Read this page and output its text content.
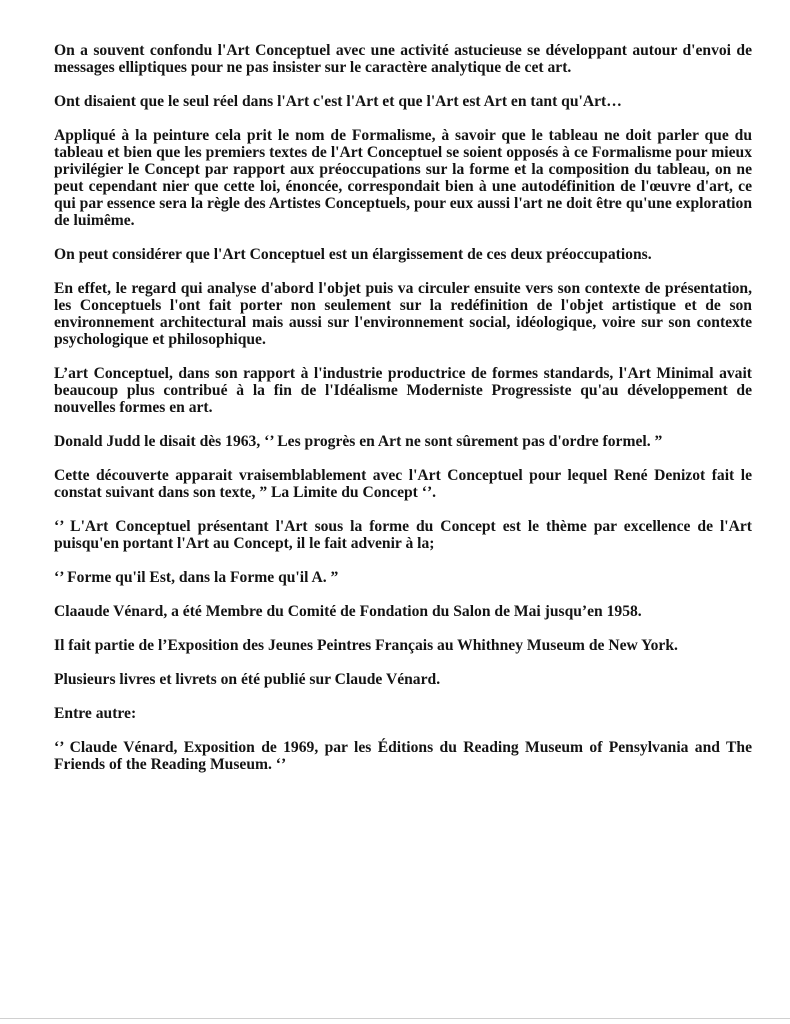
On a souvent confondu l'Art Conceptuel avec une activité astucieuse se développant autour d'envoi de messages elliptiques pour ne pas insister sur le caractère analytique de cet art.

Ont disaient que le seul réel dans l'Art c'est l'Art et que l'Art est Art en tant qu'Art…

Appliqué à la peinture cela prit le nom de Formalisme, à savoir que le tableau ne doit parler que du tableau et bien que les premiers textes de l'Art Conceptuel se soient opposés à ce Formalisme pour mieux privilégier le Concept par rapport aux préoccupations sur la forme et la composition du tableau, on ne peut cependant nier que cette loi, énoncée, correspondait bien à une autodéfinition de l'œuvre d'art, ce qui par essence sera la règle des Artistes Conceptuels, pour eux aussi l'art ne doit être qu'une exploration de luimême.

On peut considérer que l'Art Conceptuel est un élargissement de ces deux préoccupations.

En effet, le regard qui analyse d'abord l'objet puis va circuler ensuite vers son contexte de présentation, les Conceptuels l'ont fait porter non seulement sur la redéfinition de l'objet artistique et de son environnement architectural mais aussi sur l'environnement social, idéologique, voire sur son contexte psychologique et philosophique.

L’art Conceptuel, dans son rapport à l'industrie productrice de formes standards, l'Art Minimal avait beaucoup plus contribué à la fin de l'Idéalisme Moderniste Progressiste qu'au développement de nouvelles formes en art.

Donald Judd le disait dès 1963, ‘’ Les progrès en Art ne sont sûrement pas d'ordre formel. ”

Cette découverte apparait vraisemblablement avec l'Art Conceptuel pour lequel René Denizot fait le constat suivant dans son texte, ” La Limite du Concept ‘’.

‘’ L'Art Conceptuel présentant l'Art sous la forme du Concept est le thème par excellence de l'Art puisqu'en portant l'Art au Concept, il le fait advenir à la;

‘’ Forme qu'il Est, dans la Forme qu'il A. ”

Claaude Vénard, a été Membre du Comité de Fondation du Salon de Mai jusqu’en 1958.

Il fait partie de l’Exposition des Jeunes Peintres Français au Whithney Museum de New York.

Plusieurs livres et livrets on été publié sur Claude Vénard.

Entre autre:

‘’ Claude Vénard, Exposition de 1969, par les Éditions du Reading Museum of Pensylvania and The Friends of the Reading Museum. ‘’
